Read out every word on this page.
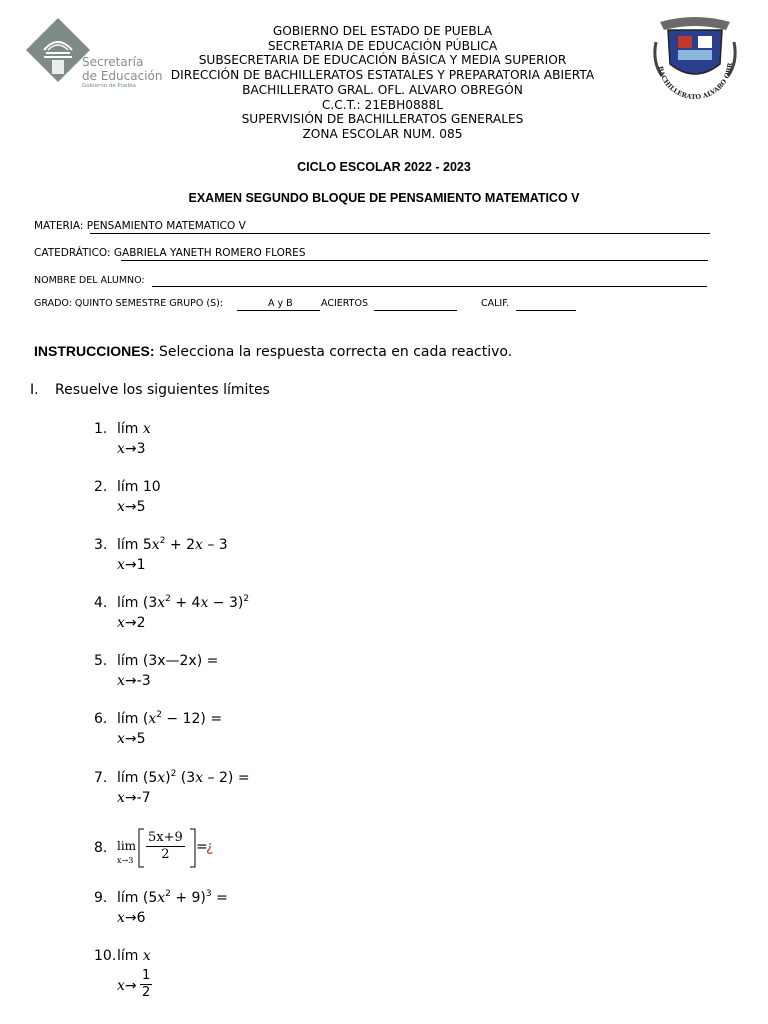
Secretaría
de Educación
Gobierno de Puebla
GOBIERNO DEL ESTADO DE PUEBLA
SECRETARIA DE EDUCACIÓN PÚBLICA
SUBSECRETARIA DE EDUCACIÓN BÁSICA Y MEDIA SUPERIOR
DIRECCIÓN DE BACHILLERATOS ESTATALES Y PREPARATORIA ABIERTA
BACHILLERATO GRAL. OFL. ALVARO OBREGÓN
C.C.T.: 21EBH0888L
SUPERVISIÓN DE BACHILLERATOS GENERALES
ZONA ESCOLAR NUM. 085
BACHILLERATO ALVARO OBR
CICLO ESCOLAR 2022 - 2023
EXAMEN SEGUNDO BLOQUE DE PENSAMIENTO MATEMATICO V
MATERIA: PENSAMIENTO MATEMATICO V
CATEDRÁTICO: GABRIELA YANETH ROMERO FLORES
NOMBRE DEL ALUMNO:
GRADO: QUINTO SEMESTRE GRUPO (S):	A y B	ACIERTOS	CALIF.
INSTRUCCIONES: Selecciona la respuesta correcta en cada reactivo.
I. Resuelve los siguientes límites
1. lím x
x→3
2. lím 10
x→5
3. lím $5x^2 + 2x - 3$
x→1
4. lím $(3x^2 + 4x - 3)^2$
x→2
5. lím (3x—2x) =
x→-3
6. lím $(x^2 - 12)$ =
x→5
7. lím $(5x)^2$ (3x – 2) =
x→-7
8. lim
$x\to 3 \frac{5x+9}{2}$ =
¿
9. lím $(5x^2 + 9)^3$ =
x→6
10. lím x
$x\to \frac{1}{2}$
